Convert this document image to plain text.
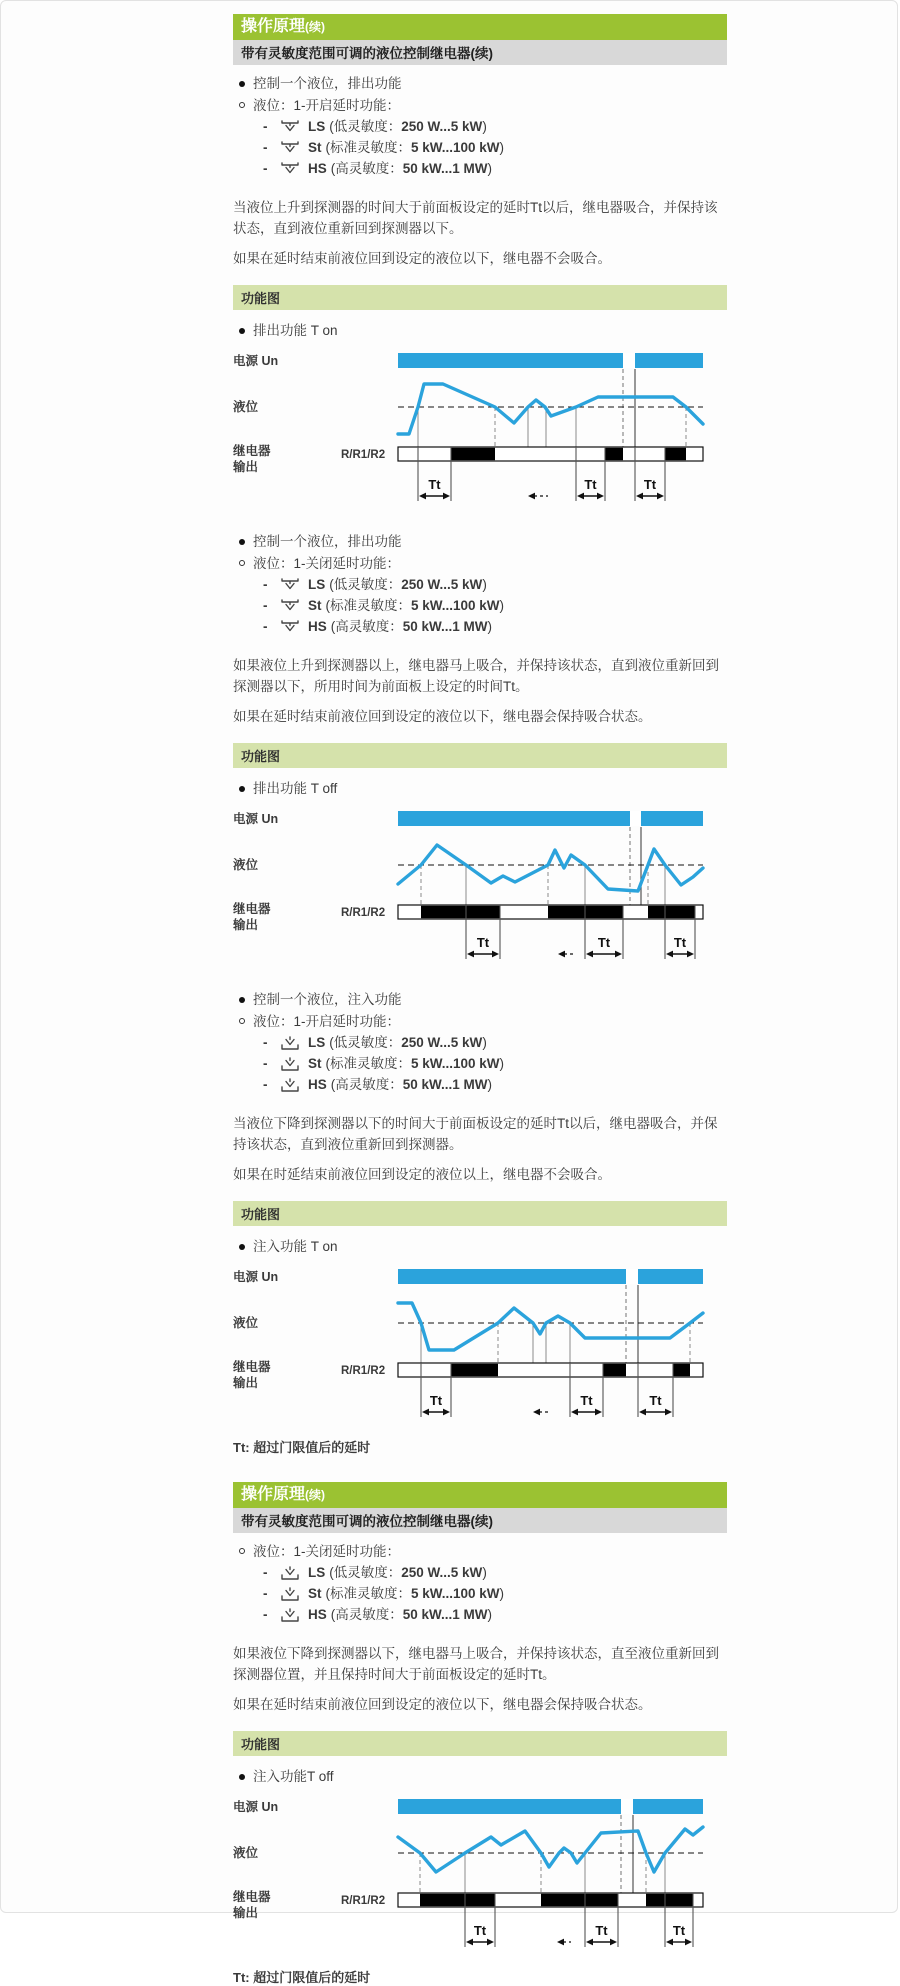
操作原理(续)
带有灵敏度范围可调的液位控制继电器(续)
控制一个液位，排出功能
液位：1-开启延时功能：
-	LS (低灵敏度： 250 W...5 kW )
-	St (标准灵敏度： 5 kW...100 kW )
-	HS (高灵敏度： 50 kW...1 MW )

当液位上升到探测器的时间大于前面板设定的延时Tt以后，继电器吸合，并保持该状态，直到液位重新回到探测器以下。

如果在延时结束前液位回到设定的液位以下，继电器不会吸合。

功能图
排出功能 T on
电源 Un
液位
继电器
输出
R/R1/R2
Tt	Tt	Tt
控制一个液位，排出功能
液位：1-关闭延时功能：
-	LS (低灵敏度： 250 W...5 kW )
-	St (标准灵敏度： 5 kW...100 kW )
-	HS (高灵敏度： 50 kW...1 MW )

如果液位上升到探测器以上，继电器马上吸合，并保持该状态，直到液位重新回到探测器以下，所用时间为前面板上设定的时间Tt。

如果在延时结束前液位回到设定的液位以下，继电器会保持吸合状态。

功能图
排出功能 T off
电源 Un
液位
继电器
输出
R/R1/R2
Tt	Tt	Tt
控制一个液位，注入功能
液位：1-开启延时功能：
-	LS (低灵敏度： 250 W...5 kW )
-	St (标准灵敏度： 5 kW...100 kW )
-	HS (高灵敏度： 50 kW...1 MW )

当液位下降到探测器以下的时间大于前面板设定的延时Tt以后，继电器吸合，并保持该状态，直到液位重新回到探测器。

如果在时延结束前液位回到设定的液位以上，继电器不会吸合。

功能图
注入功能 T on
电源 Un
液位
继电器
输出
R/R1/R2
Tt	Tt	Tt
Tt: 超过门限值后的延时
操作原理(续)
带有灵敏度范围可调的液位控制继电器(续)
液位：1-关闭延时功能：
-	LS (低灵敏度： 250 W...5 kW )
-	St (标准灵敏度： 5 kW...100 kW )
-	HS (高灵敏度： 50 kW...1 MW )

如果液位下降到探测器以下，继电器马上吸合，并保持该状态，直至液位重新回到探测器位置，并且保持时间大于前面板设定的延时Tt。

如果在延时结束前液位回到设定的液位以下，继电器会保持吸合状态。

功能图
注入功能T off
电源 Un
液位
继电器
输出
R/R1/R2
Tt	Tt	Tt
Tt: 超过门限值后的延时
